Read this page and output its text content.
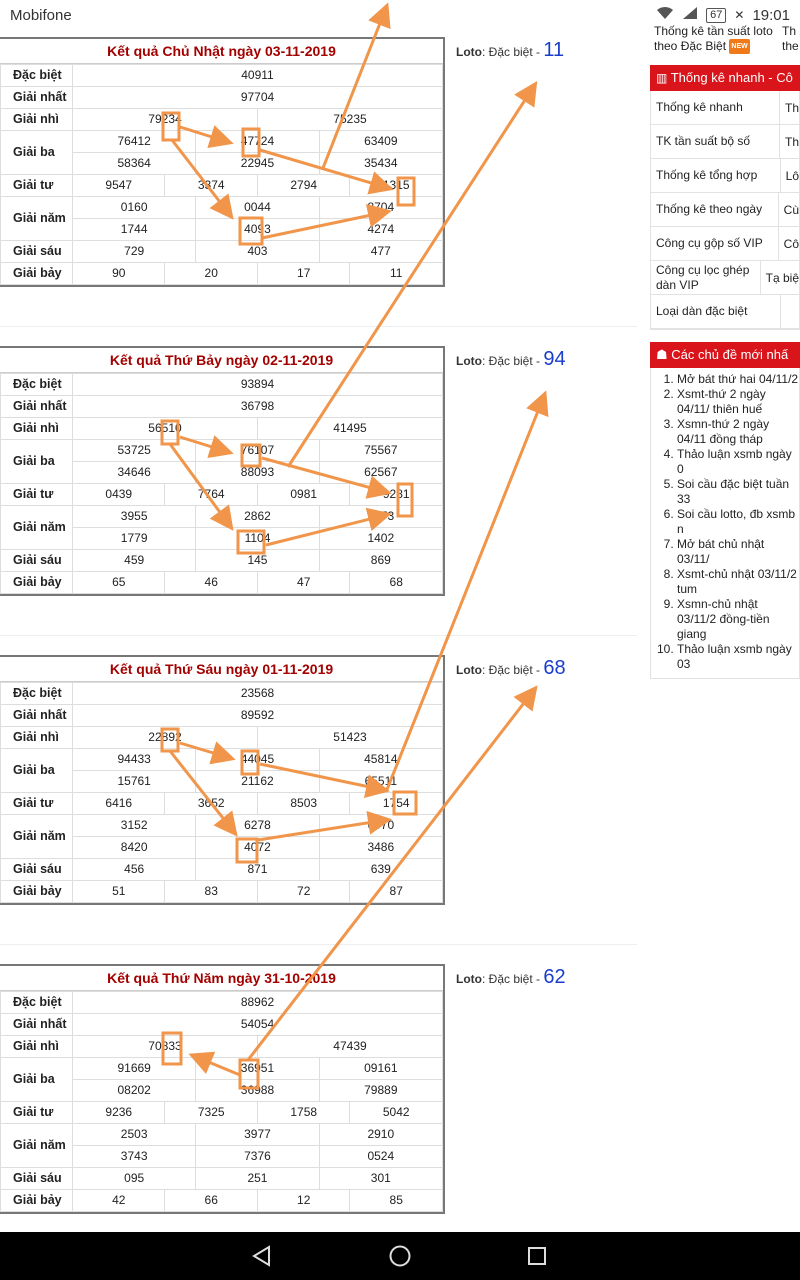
Mobifone	67	✕ 19:01
Kết quả Chủ Nhật ngày 03-11-2019
Đặc biệt	40911					
Giải nhất	97704					
Giải nhì	79234			75235		
Giải ba	76412		47724		63409	
	58364		22945		35434	
Giải tư	9547	3374		2794		1315
Giải năm	0160		0044		8704	
	1744		4093		4274	
Giải sáu	729		403		477	
Giải bảy	90	20		17		11
Loto: Đặc biệt - 11
Kết quả Thứ Bảy ngày 02-11-2019
Đặc biệt	93894					
Giải nhất	36798					
Giải nhì	56510			41495		
Giải ba	53725		76107		75567	
	34646		88093		62567	
Giải tư	0439	7764		0981		9281
Giải năm	3955		2862		2073	
	1779		1104		1402	
Giải sáu	459		145		869	
Giải bảy	65	46		47		68
Loto: Đặc biệt - 94
Kết quả Thứ Sáu ngày 01-11-2019
Đặc biệt	23568					
Giải nhất	89592					
Giải nhì	22892			51423		
Giải ba	94433		44045		45814	
	15761		21162		65511	
Giải tư	6416	3652		8503		1754
Giải năm	3152		6278		6970	
	8420		4072		3486	
Giải sáu	456		871		639	
Giải bảy	51	83		72		87
Loto: Đặc biệt - 68
Kết quả Thứ Năm ngày 31-10-2019
Đặc biệt	88962					
Giải nhất	54054					
Giải nhì	70833			47439		
Giải ba	91669		36951		09161	
	08202		36988		79889	
Giải tư	9236	7325		1758		5042
Giải năm	2503		3977		2910	
	3743		7376		0524	
Giải sáu	095		251		301	
Giải bảy	42	66		12		85
Loto: Đặc biệt - 62
Thống kê tần suất loto theo Đặc Biệt NEW
Th the
▥ Thống kê nhanh - Cô
Thống kê nhanh	Th
TK tần suất bộ số	Th
Thống kê tổng hợp	Lô
Thống kê theo ngày	Cù
Công cụ gộp số VIP	Cô
Công cụ lọc ghép dàn VIP	Tạ biệ
Loại dàn đặc biệt
☗ Các chủ đề mới nhấ
1. Mở bát thứ hai 04/11/2
2. Xsmt-thứ 2 ngày 04/11/ thiên huế
3. Xsmn-thứ 2 ngày 04/11 đồng tháp
4. Thảo luận xsmb ngày 0
5. Soi cầu đặc biệt tuần 33
6. Soi cầu lotto, đb xsmb n
7. Mở bát chủ nhật 03/11/
8. Xsmt-chủ nhật 03/11/2 tum
9. Xsmn-chủ nhật 03/11/2 đồng-tiền giang
10. Thảo luận xsmb ngày 03
